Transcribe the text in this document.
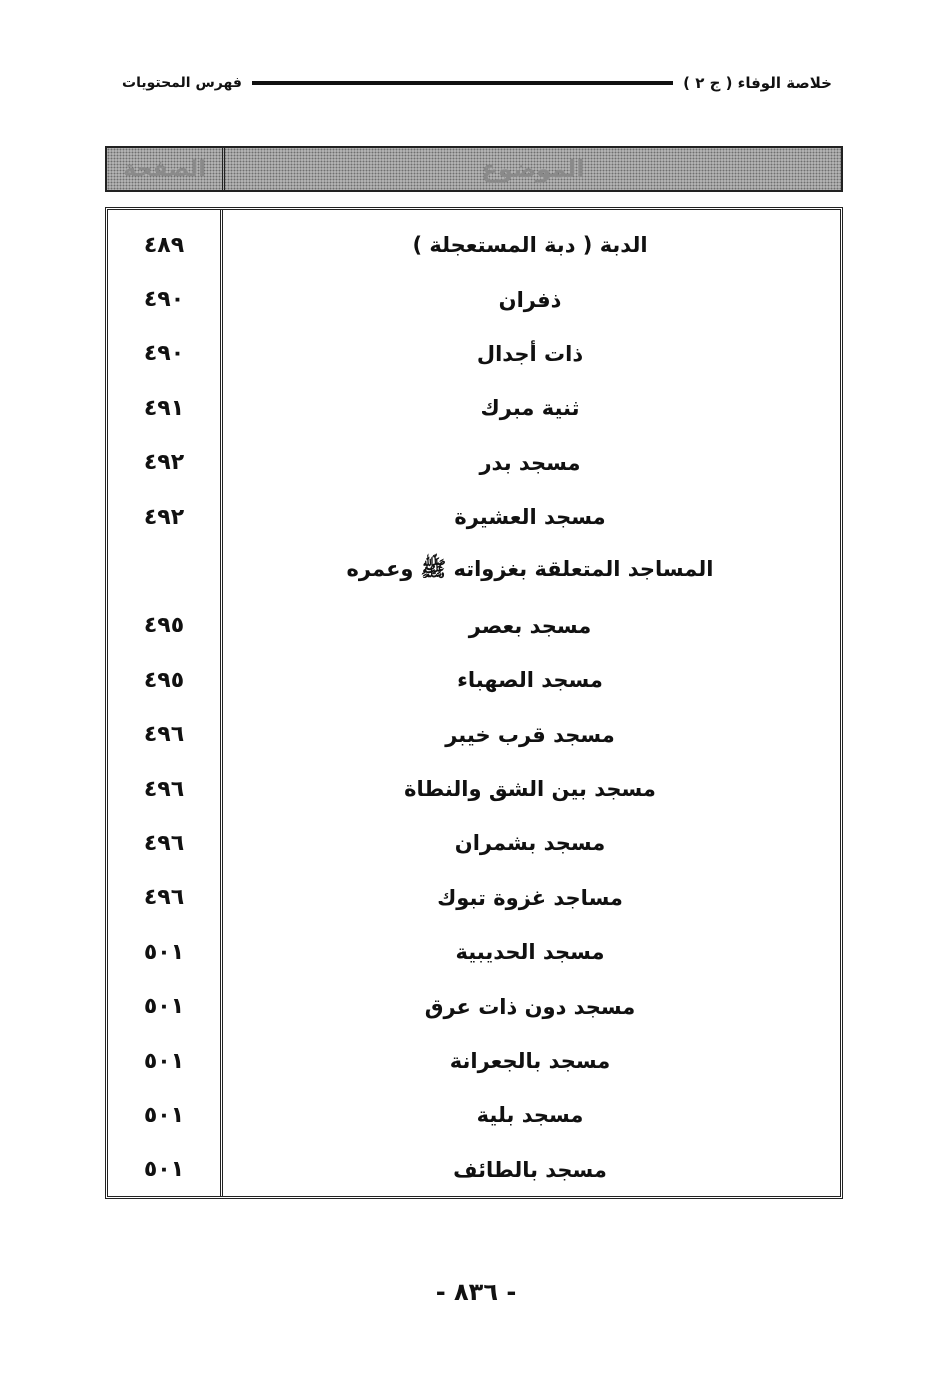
خلاصة الوفاء ( ج ٢ )
فهرس المحتويات
الصفحة	الموضوع
٤٨٩	الدبة ( دبة المستعجلة )
٤٩٠	ذفران
٤٩٠	ذات أجدال
٤٩١	ثنية مبرك
٤٩٢	مسجد بدر
٤٩٢	مسجد العشيرة
المساجد المتعلقة بغزواته ﷺ وعمره
٤٩٥	مسجد بعصر
٤٩٥	مسجد الصهباء
٤٩٦	مسجد قرب خيبر
٤٩٦	مسجد بين الشق والنطاة
٤٩٦	مسجد بشمران
٤٩٦	مساجد غزوة تبوك
٥٠١	مسجد الحديبية
٥٠١	مسجد دون ذات عرق
٥٠١	مسجد بالجعرانة
٥٠١	مسجد بلية
٥٠١	مسجد بالطائف
- ٨٣٦ -
